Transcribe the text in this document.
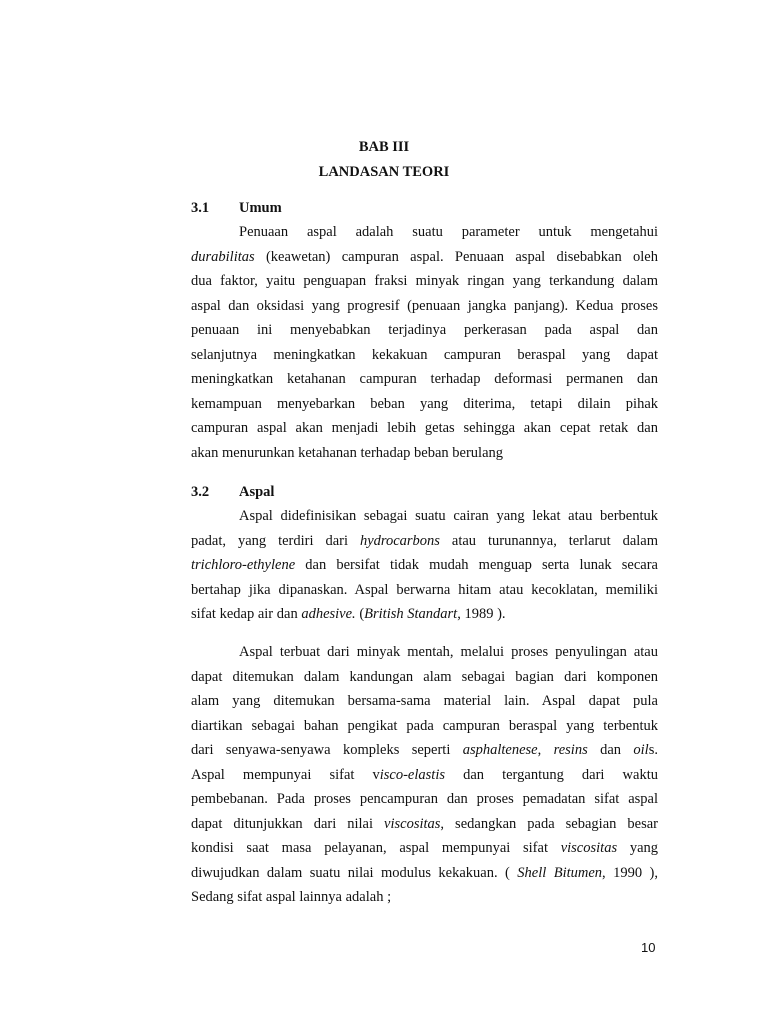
BAB III
LANDASAN TEORI
3.1 Umum
Penuaan aspal adalah suatu parameter untuk mengetahui
durabilitas (keawetan) campuran aspal. Penuaan aspal disebabkan oleh
dua faktor, yaitu penguapan fraksi minyak ringan yang terkandung dalam
aspal dan oksidasi yang progresif (penuaan jangka panjang). Kedua proses
penuaan ini menyebabkan terjadinya perkerasan pada aspal dan
selanjutnya meningkatkan kekakuan campuran beraspal yang dapat
meningkatkan ketahanan campuran terhadap deformasi permanen dan
kemampuan menyebarkan beban yang diterima, tetapi dilain pihak
campuran aspal akan menjadi lebih getas sehingga akan cepat retak dan
akan menurunkan ketahanan terhadap beban berulang
3.2 Aspal
Aspal didefinisikan sebagai suatu cairan yang lekat atau berbentuk
padat, yang terdiri dari hydrocarbons atau turunannya, terlarut dalam
trichloro-ethylene dan bersifat tidak mudah menguap serta lunak secara
bertahap jika dipanaskan. Aspal berwarna hitam atau kecoklatan, memiliki
sifat kedap air dan adhesive. (British Standart, 1989 ).
Aspal terbuat dari minyak mentah, melalui proses penyulingan atau
dapat ditemukan dalam kandungan alam sebagai bagian dari komponen
alam yang ditemukan bersama-sama material lain. Aspal dapat pula
diartikan sebagai bahan pengikat pada campuran beraspal yang terbentuk
dari senyawa-senyawa kompleks seperti asphaltenese, resins dan oils.
Aspal mempunyai sifat visco-elastis dan tergantung dari waktu
pembebanan. Pada proses pencampuran dan proses pemadatan sifat aspal
dapat ditunjukkan dari nilai viscositas, sedangkan pada sebagian besar
kondisi saat masa pelayanan, aspal mempunyai sifat viscositas yang
diwujudkan dalam suatu nilai modulus kekakuan. ( Shell Bitumen, 1990 ),
Sedang sifat aspal lainnya adalah ;
10
